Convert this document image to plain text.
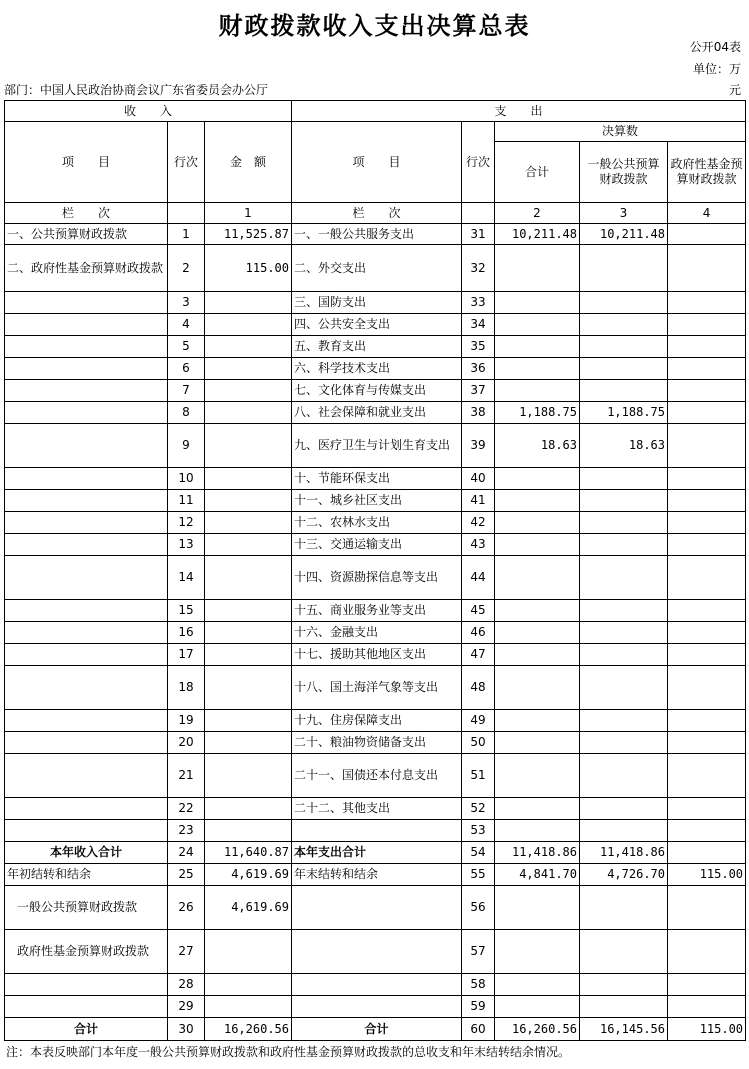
财政拨款收入支出决算总表
公开04表
单位：万
元
部门：中国人民政治协商会议广东省委员会办公厅
收　　入			支　　出				
项　　目	行次	金　额	项　　目	行次	决算数		
					合计	一般公共预算财政拨款	政府性基金预算财政拨款
栏　　次		1	栏　　次		2	3	4
一、公共预算财政拨款	1	11,525.87	一、一般公共服务支出	31	10,211.48	10,211.48	
二、政府性基金预算财政拨款	2	115.00	二、外交支出	32			
	3		三、国防支出	33			
	4		四、公共安全支出	34			
	5		五、教育支出	35			
	6		六、科学技术支出	36			
	7		七、文化体育与传媒支出	37			
	8		八、社会保障和就业支出	38	1,188.75	1,188.75	
	9		九、医疗卫生与计划生育支出	39	18.63	18.63	
	10		十、节能环保支出	40			
	11		十一、城乡社区支出	41			
	12		十二、农林水支出	42			
	13		十三、交通运输支出	43			
	14		十四、资源勘探信息等支出	44			
	15		十五、商业服务业等支出	45			
	16		十六、金融支出	46			
	17		十七、援助其他地区支出	47			
	18		十八、国土海洋气象等支出	48			
	19		十九、住房保障支出	49			
	20		二十、粮油物资储备支出	50			
	21		二十一、国债还本付息支出	51			
	22		二十二、其他支出	52			
	23			53			
本年收入合计	24	11,640.87	本年支出合计	54	11,418.86	11,418.86	
年初结转和结余	25	4,619.69	年末结转和结余	55	4,841.70	4,726.70	115.00
一般公共预算财政拨款	26	4,619.69		56			
政府性基金预算财政拨款	27			57			
	28			58			
	29			59			
合计	30	16,260.56	合计	60	16,260.56	16,145.56	115.00
注：本表反映部门本年度一般公共预算财政拨款和政府性基金预算财政拨款的总收支和年末结转结余情况。
